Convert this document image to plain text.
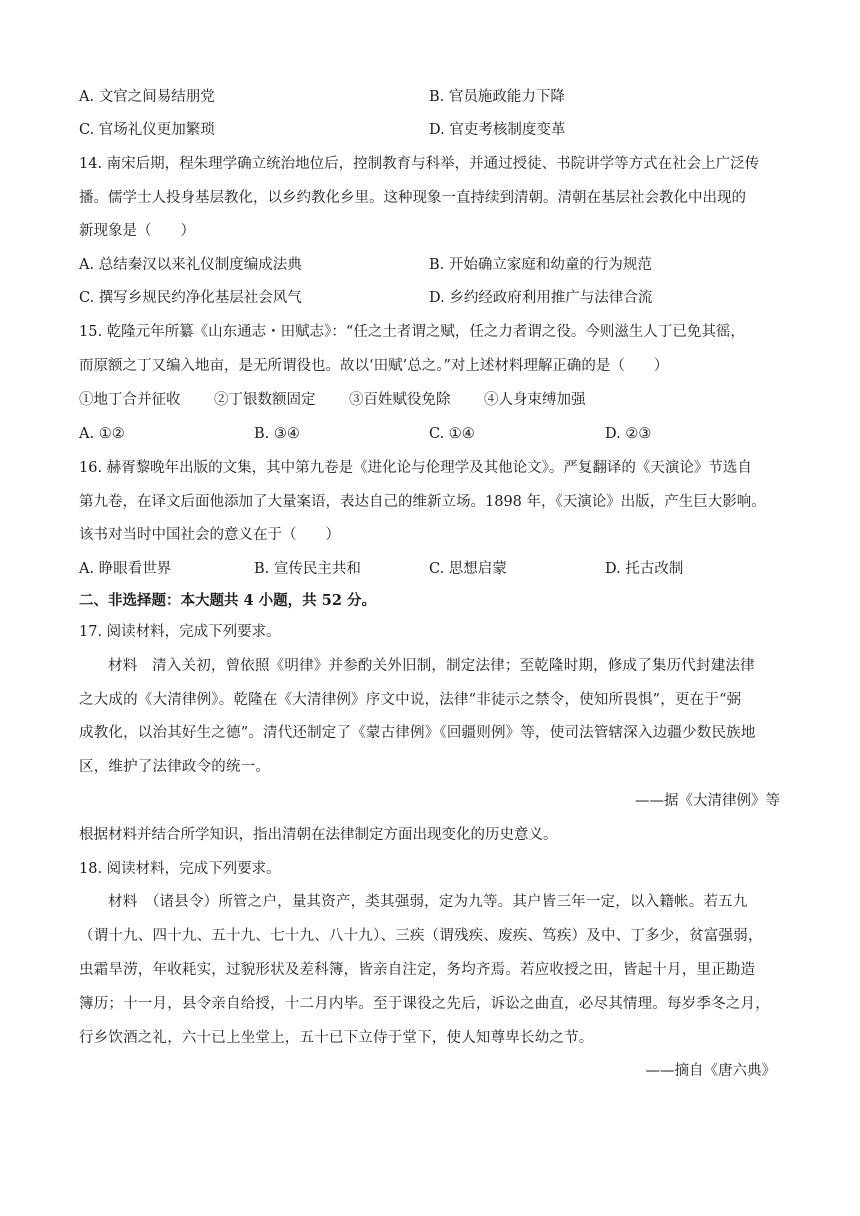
A. 文官之间易结朋党	B. 官员施政能力下降
C. 官场礼仪更加繁琐	D. 官吏考核制度变革
14. 南宋后期，程朱理学确立统治地位后，控制教育与科举，并通过授徒、书院讲学等方式在社会上广泛传
播。儒学士人投身基层教化，以乡约教化乡里。这种现象一直持续到清朝。清朝在基层社会教化中出现的
新现象是（　　）
A. 总结秦汉以来礼仪制度编成法典	B. 开始确立家庭和幼童的行为规范
C. 撰写乡规民约净化基层社会风气	D. 乡约经政府利用推广与法律合流
15. 乾隆元年所纂《山东通志・田赋志》：“任之土者谓之赋，任之力者谓之役。今则滋生人丁已免其徭，
而原额之丁又编入地亩，是无所谓役也。故以‘田赋’总之。”对上述材料理解正确的是（　　）
①地丁合并征收 ②丁银数额固定 ③百姓赋役免除 ④人身束缚加强
A. ①②	B. ③④	C. ①④	D. ②③
16. 赫胥黎晚年出版的文集，其中第九卷是《进化论与伦理学及其他论文》。严复翻译的《天演论》节选自
第九卷，在译文后面他添加了大量案语，表达自己的维新立场。1898 年，《天演论》出版，产生巨大影响。
该书对当时中国社会的意义在于（　　）
A. 睁眼看世界	B. 宣传民主共和	C. 思想启蒙	D. 托古改制
二、非选择题：本大题共 4 小题，共 52 分。
17. 阅读材料，完成下列要求。
材料　清入关初，曾依照《明律》并参酌关外旧制，制定法律；至乾隆时期，修成了集历代封建法律
之大成的《大清律例》。乾隆在《大清律例》序文中说，法律“非徒示之禁令，使知所畏惧”，更在于“弼
成教化，以治其好生之德”。清代还制定了《蒙古律例》《回疆则例》等，使司法管辖深入边疆少数民族地
区，维护了法律政令的统一。
——据《大清律例》等
根据材料并结合所学知识，指出清朝在法律制定方面出现变化的历史意义。
18. 阅读材料，完成下列要求。
材料　（诸县令）所管之户，量其资产，类其强弱，定为九等。其户皆三年一定，以入籍帐。若五九
（谓十九、四十九、五十九、七十九、八十九）、三疾（谓残疾、废疾、笃疾）及中、丁多少，贫富强弱，
虫霜旱涝，年收耗实，过貌形状及差科簿，皆亲自注定，务均齐焉。若应收授之田，皆起十月，里正勘造
簿历；十一月，县令亲自给授，十二月内毕。至于课役之先后，诉讼之曲直，必尽其情理。每岁季冬之月，
行乡饮酒之礼，六十已上坐堂上，五十已下立侍于堂下，使人知尊卑长幼之节。
——摘自《唐六典》
